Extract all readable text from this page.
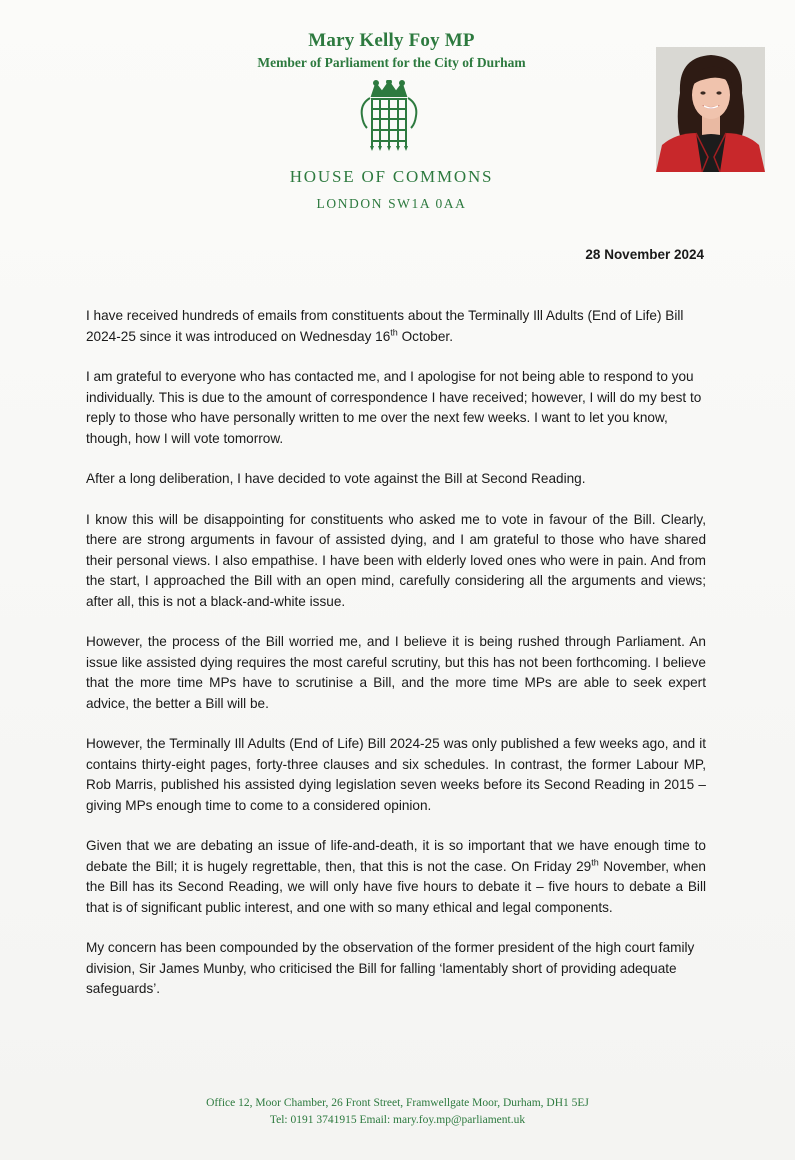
Mary Kelly Foy MP
Member of Parliament for the City of Durham
HOUSE OF COMMONS
LONDON SW1A 0AA
28 November 2024

I have received hundreds of emails from constituents about the Terminally Ill Adults (End of Life) Bill 2024-25 since it was introduced on Wednesday 16th October.

I am grateful to everyone who has contacted me, and I apologise for not being able to respond to you individually. This is due to the amount of correspondence I have received; however, I will do my best to reply to those who have personally written to me over the next few weeks. I want to let you know, though, how I will vote tomorrow.

After a long deliberation, I have decided to vote against the Bill at Second Reading.

I know this will be disappointing for constituents who asked me to vote in favour of the Bill. Clearly, there are strong arguments in favour of assisted dying, and I am grateful to those who have shared their personal views. I also empathise. I have been with elderly loved ones who were in pain. And from the start, I approached the Bill with an open mind, carefully considering all the arguments and views; after all, this is not a black-and-white issue.

However, the process of the Bill worried me, and I believe it is being rushed through Parliament. An issue like assisted dying requires the most careful scrutiny, but this has not been forthcoming. I believe that the more time MPs have to scrutinise a Bill, and the more time MPs are able to seek expert advice, the better a Bill will be.

However, the Terminally Ill Adults (End of Life) Bill 2024-25 was only published a few weeks ago, and it contains thirty-eight pages, forty-three clauses and six schedules. In contrast, the former Labour MP, Rob Marris, published his assisted dying legislation seven weeks before its Second Reading in 2015 – giving MPs enough time to come to a considered opinion.

Given that we are debating an issue of life-and-death, it is so important that we have enough time to debate the Bill; it is hugely regrettable, then, that this is not the case. On Friday 29th November, when the Bill has its Second Reading, we will only have five hours to debate it – five hours to debate a Bill that is of significant public interest, and one with so many ethical and legal components.

My concern has been compounded by the observation of the former president of the high court family division, Sir James Munby, who criticised the Bill for falling ‘lamentably short of providing adequate safeguards’.

Office 12, Moor Chamber, 26 Front Street, Framwellgate Moor, Durham, DH1 5EJ
Tel: 0191 3741915 Email: mary.foy.mp@parliament.uk
